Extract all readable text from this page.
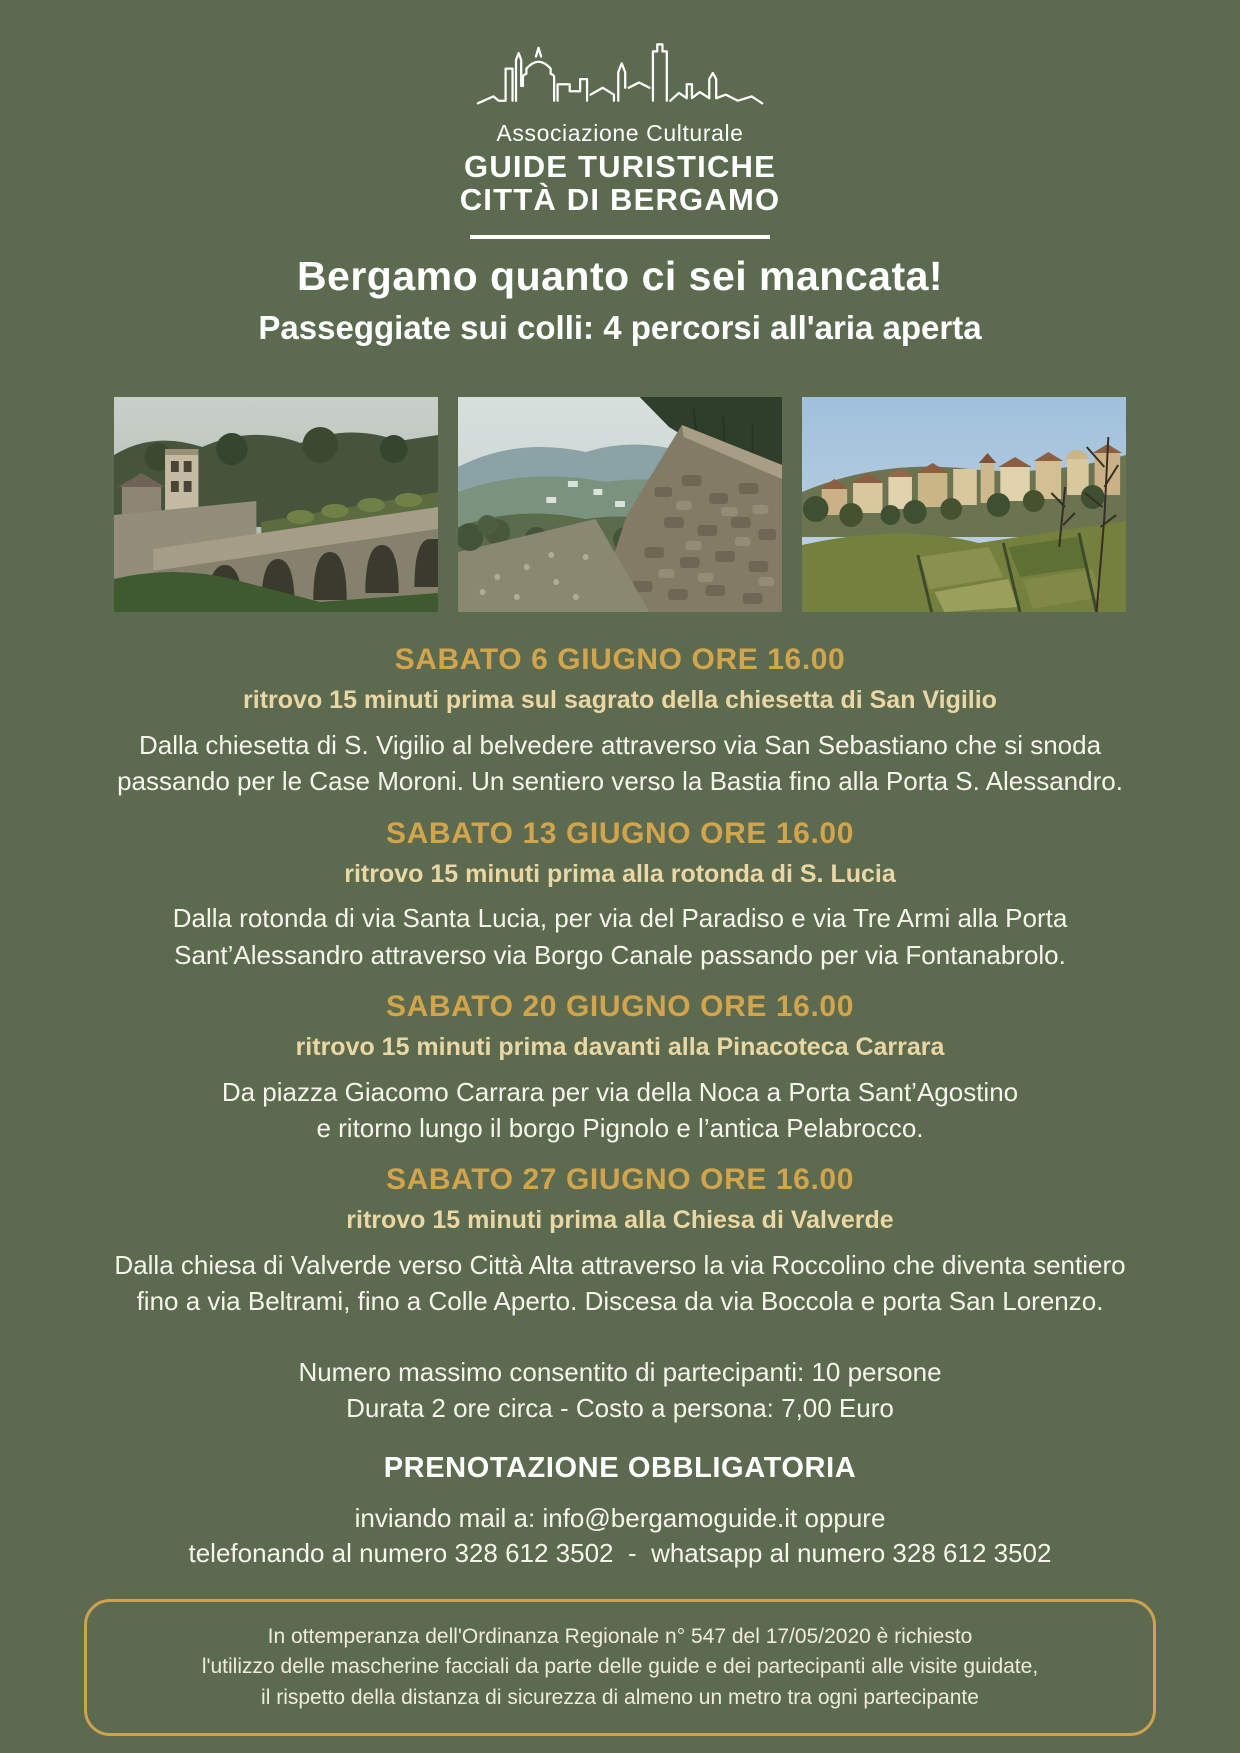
Associazione Culturale
GUIDE TURISTICHE
CITTÀ DI BERGAMO
Bergamo quanto ci sei mancata!
Passeggiate sui colli: 4 percorsi all'aria aperta
SABATO 6 GIUGNO ORE 16.00
ritrovo 15 minuti prima sul sagrato della chiesetta di San Vigilio
Dalla chiesetta di S. Vigilio al belvedere attraverso via San Sebastiano che si snoda
passando per le Case Moroni. Un sentiero verso la Bastia fino alla Porta S. Alessandro.
SABATO 13 GIUGNO ORE 16.00
ritrovo 15 minuti prima alla rotonda di S. Lucia
Dalla rotonda di via Santa Lucia, per via del Paradiso e via Tre Armi alla Porta
Sant’Alessandro attraverso via Borgo Canale passando per via Fontanabrolo.
SABATO 20 GIUGNO ORE 16.00
ritrovo 15 minuti prima davanti alla Pinacoteca Carrara
Da piazza Giacomo Carrara per via della Noca a Porta Sant’Agostino
e ritorno lungo il borgo Pignolo e l’antica Pelabrocco.
SABATO 27 GIUGNO ORE 16.00
ritrovo 15 minuti prima alla Chiesa di Valverde
Dalla chiesa di Valverde verso Città Alta attraverso la via Roccolino che diventa sentiero
fino a via Beltrami, fino a Colle Aperto. Discesa da via Boccola e porta San Lorenzo.
Numero massimo consentito di partecipanti: 10 persone
Durata 2 ore circa - Costo a persona: 7,00 Euro
PRENOTAZIONE OBBLIGATORIA
inviando mail a: info@bergamoguide.it oppure
telefonando al numero 328 612 3502  -  whatsapp al numero 328 612 3502
In ottemperanza dell'Ordinanza Regionale n° 547 del 17/05/2020 è richiesto
l'utilizzo delle mascherine facciali da parte delle guide e dei partecipanti alle visite guidate,
il rispetto della distanza di sicurezza di almeno un metro tra ogni partecipante
